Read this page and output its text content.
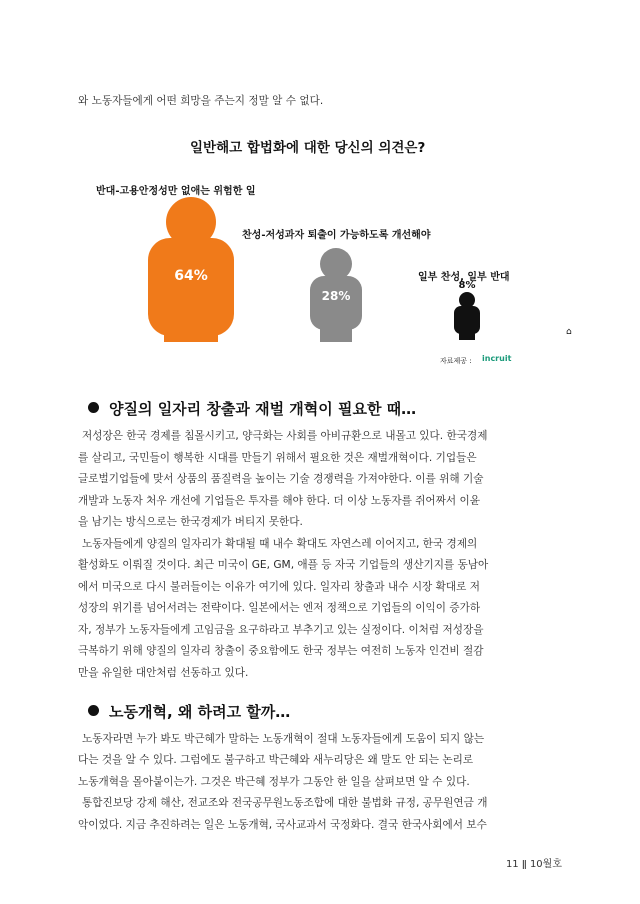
와 노동자들에게 어떤 희망을 주는지 정말 알 수 없다.
일반해고 합법화에 대한 당신의 의견은?
반대-고용안정성만 없애는 위험한 일
찬성-저성과자 퇴출이 가능하도록 개선해야
일부 찬성, 일부 반대
64%
28%
8%
⌂
자료제공 : incruit
양질의 일자리 창출과 재벌 개혁이 필요한 때…
저성장은 한국 경제를 침몰시키고, 양극화는 사회를 아비규환으로 내몰고 있다. 한국경제
를 살리고, 국민들이 행복한 시대를 만들기 위해서 필요한 것은 재벌개혁이다. 기업들은
글로벌기업들에 맞서 상품의 품질력을 높이는 기술 경쟁력을 가져야한다. 이를 위해 기술
개발과 노동자 처우 개선에 기업들은 투자를 해야 한다. 더 이상 노동자를 쥐어짜서 이윤
을 남기는 방식으로는 한국경제가 버티지 못한다.
노동자들에게 양질의 일자리가 확대될 때 내수 확대도 자연스레 이어지고, 한국 경제의
활성화도 이뤄질 것이다. 최근 미국이 GE, GM, 애플 등 자국 기업들의 생산기지를 동남아
에서 미국으로 다시 불러들이는 이유가 여기에 있다. 일자리 창출과 내수 시장 확대로 저
성장의 위기를 넘어서려는 전략이다. 일본에서는 엔저 정책으로 기업들의 이익이 증가하
자, 정부가 노동자들에게 고임금을 요구하라고 부추기고 있는 실정이다. 이처럼 저성장을
극복하기 위해 양질의 일자리 창출이 중요함에도 한국 정부는 여전히 노동자 인건비 절감
만을 유일한 대안처럼 선동하고 있다.
노동개혁, 왜 하려고 할까…
노동자라면 누가 봐도 박근혜가 말하는 노동개혁이 절대 노동자들에게 도움이 되지 않는
다는 것을 알 수 있다. 그럼에도 불구하고 박근혜와 새누리당은 왜 말도 안 되는 논리로
노동개혁을 몰아붙이는가. 그것은 박근혜 정부가 그동안 한 일을 살펴보면 알 수 있다.
통합진보당 강제 해산, 전교조와 전국공무원노동조합에 대한 불법화 규정, 공무원연금 개
악이었다. 지금 추진하려는 일은 노동개혁, 국사교과서 국정화다. 결국 한국사회에서 보수
11 ǁ 10월호
